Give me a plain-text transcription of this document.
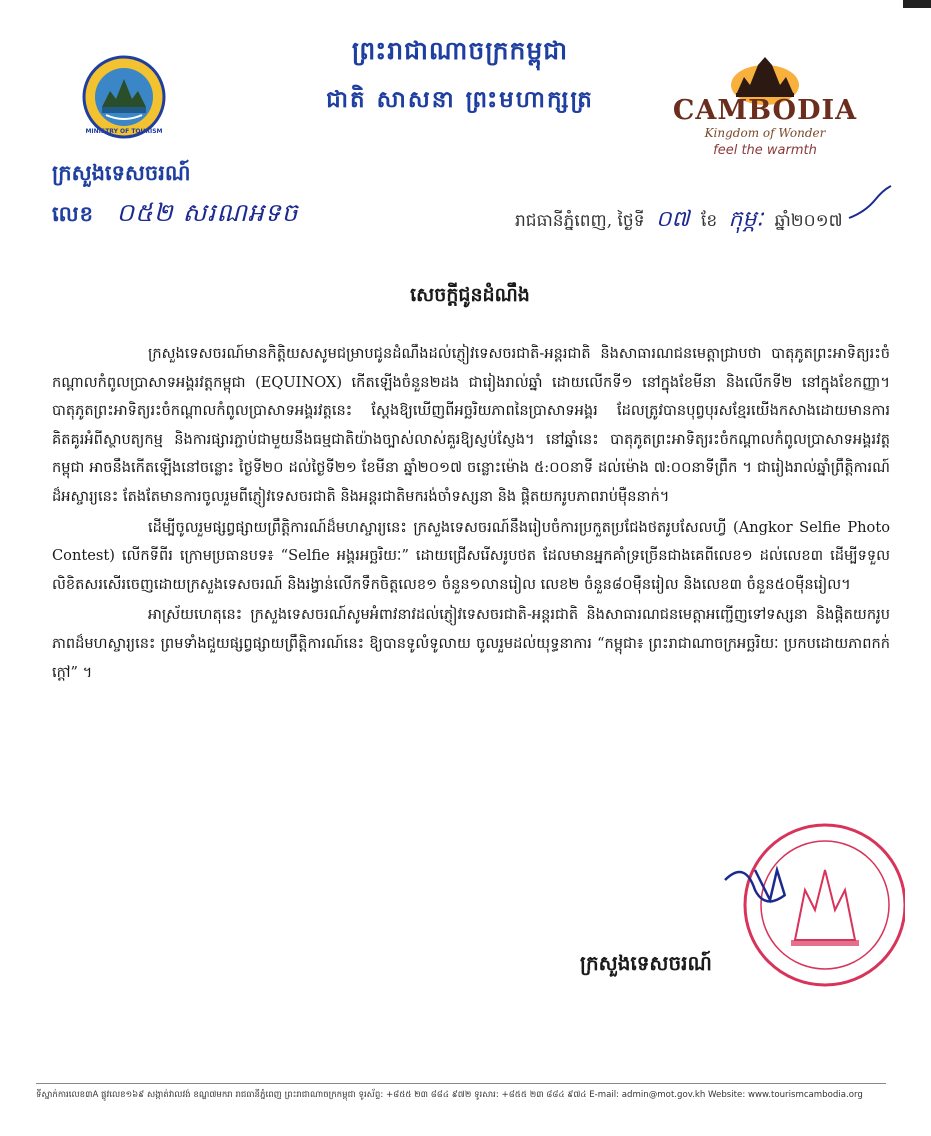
MINISTRY OF TOURISM
ព្រះរាជាណាចក្រកម្ពុជា
ជាតិ សាសនា ព្រះមហាក្សត្រ	CAMBODIA
Kingdom of Wonder
feel the warmth
ក្រសួងទេសចរណ៍
លេខ ០៥២ សរណអទច	រាជធានីភ្នំពេញ, ថ្ងៃទី ០៧ ខែ កុម្ភៈ ឆ្នាំ២០១៧
សេចក្តីជូនដំណឹង

ក្រសួងទេសចរណ៍មានកិត្តិយសសូមជម្រាបជូនដំណឹងដល់ភ្ញៀវទេសចរជាតិ-អន្តរជាតិ និងសាធារណជនមេត្តាជ្រាបថា បាតុភូតព្រះអាទិត្យរះចំកណ្តាលកំពូលប្រាសាទអង្គរវត្តកម្ពុជា (EQUINOX) កើតឡើងចំនួន២ដង ជារៀងរាល់ឆ្នាំ ដោយលើកទី១ នៅក្នុងខែមីនា និងលើកទី២ នៅក្នុងខែកញ្ញា។ បាតុភូតព្រះអាទិត្យរះចំកណ្តាលកំពូលប្រាសាទអង្គរវត្តនេះ ស្តែងឱ្យឃើញពីអច្ឆរិយភាពនៃប្រាសាទអង្គរ ដែលត្រូវបានបុព្វបុរសខ្មែរយើងកសាងដោយមានការគិតគូរអំពីស្ថាបត្យកម្ម និងការផ្សារភ្ជាប់ជាមួយនឹងធម្មជាតិយ៉ាងច្បាស់លាស់គួរឱ្យស្ញប់ស្ញែង។ នៅឆ្នាំនេះ បាតុភូតព្រះអាទិត្យរះចំកណ្តាលកំពូលប្រាសាទអង្គរវត្តកម្ពុជា អាចនឹងកើតឡើងនៅចន្លោះ ថ្ងៃទី២០ ដល់ថ្ងៃទី២១ ខែមីនា ឆ្នាំ២០១៧ ចន្លោះម៉ោង ៥:០០នាទី ដល់ម៉ោង ៧:០០នាទីព្រឹក ។ ជារៀងរាល់ឆ្នាំព្រឹត្តិការណ៍ដ៏អស្ចារ្យនេះ តែងតែមានការចូលរួមពីភ្ញៀវទេសចរជាតិ និងអន្តរជាតិមករង់ចាំទស្សនា និង ផ្តិតយករូបភាពរាប់ម៉ឺននាក់។

ដើម្បីចូលរួមផ្សព្វផ្សាយព្រឹត្តិការណ៍ដ៏មហស្ចារ្យនេះ ក្រសួងទេសចរណ៍នឹងរៀបចំការប្រកួតប្រជែងថតរូបសែលហ្វី (Angkor Selfie Photo Contest) លើកទីពីរ ក្រោមប្រធានបទ៖ “Selfie អង្គរអច្ឆរិយៈ” ដោយជ្រើសរើសរូបថត ដែលមានអ្នកគាំទ្រច្រើនជាងគេពីលេខ១ ដល់លេខ៣ ដើម្បីទទួលលិខិតសរសើរចេញដោយក្រសួងទេសចរណ៍ និងរង្វាន់លើកទឹកចិត្តលេខ១ ចំនួន១លានរៀល លេខ២ ចំនួន៨០ម៉ឺនរៀល និងលេខ៣ ចំនួន៥០ម៉ឺនរៀល។

អាស្រ័យហេតុនេះ ក្រសួងទេសចរណ៍សូមអំពាវនាវដល់ភ្ញៀវទេសចរជាតិ-អន្តរជាតិ និងសាធារណជនមេត្តាអញ្ជើញទៅទស្សនា និងផ្តិតយករូបភាពដ៏មហស្ចារ្យនេះ ព្រមទាំងជួយផ្សព្វផ្សាយព្រឹត្តិការណ៍នេះ ឱ្យបានទូលំទូលាយ ចូលរួមដល់យុទ្ធនាការ “កម្ពុជា៖ ព្រះរាជាណាចក្រអច្ឆរិយៈ ប្រកបដោយភាពកក់ក្តៅ” ។

ក្រសួងទេសចរណ៍
ទីស្នាក់ការលេខ៣A ផ្លូវលេខ១៦៩ សង្កាត់វាលវង់ ខណ្ឌ៧មករា រាជធានីភ្នំពេញ ព្រះរាជាណាចក្រកម្ពុជា ទូរស័ព្ទ: +៨៥៥ ២៣ ៨៨៤ ៩៧២ ទូរសារ: +៨៥៥ ២៣ ៨៨៤ ៩៧៤ E-mail: admin@mot.gov.kh Website: www.tourismcambodia.org
